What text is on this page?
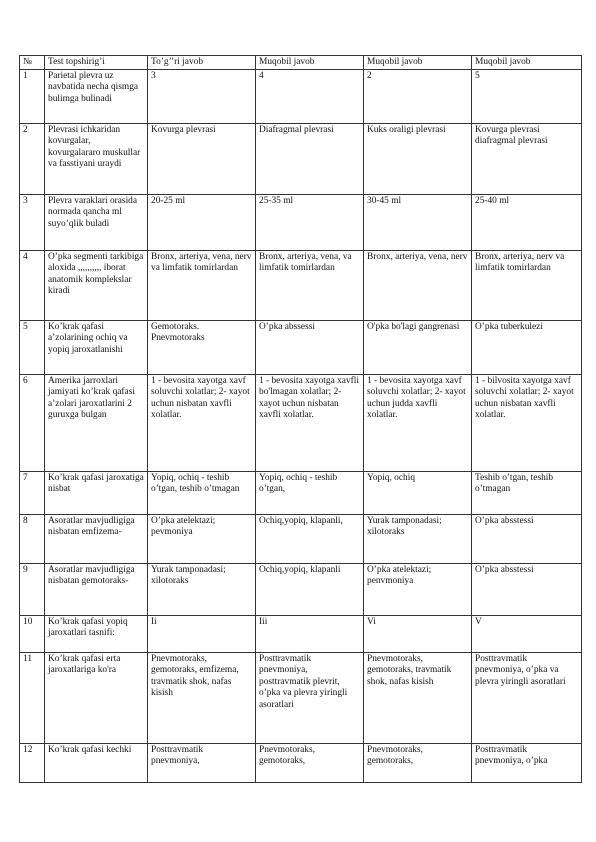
№	Test topshirig’i	To’g’’ri javob	Muqobil javob	Muqobil javob	Muqobil javob
1	Parietal plevra uz navbatida necha qismga bulimga bulinadi	3	4	2	5
2	Plevrasi ichkaridan kovurgalar, kovurgalararo muskullar va fasstiyani uraydi	Kovurga plevrasi	Diafragmal plevrasi	Kuks oraligi plevrasi	Kovurga plevrasi diafragmal plevrasi
3	Plevra varaklari orasida normada qancha ml suyo’qlik buladi	20-25 ml	25-35 ml	30-45 ml	25-40 ml
4	O’pka segmenti tarkibiga aloxida ,,,,,,,,,, iborat anatomik komplekslar kiradi	Bronx, arteriya, vena, nerv va limfatik tomirlardan	Bronx, arteriya, vena, va limfatik tomirlardan	Bronx, arteriya, vena, nerv	Bronx, arteriya, nerv va limfatik tomirlardan
5	Ko’krak qafasi a’zolarining ochiq va yopiq jaroxatlanishi	Gemotoraks. Pnevmotoraks	O’pka abssessi	O'pka bo'lagi gangrenasi	O’pka tuberkulezi
6	Amerika jarroxlari jamiyati ko’krak qafasi a’zolari jaroxatlarini 2 guruxga bulgan	1 - bevosita xayotga xavf soluvchi xolatlar; 2- xayot uchun nisbatan xavfli xolatlar.	1 - bevosita xayotga xavfli bo'lmagan xolatlar; 2- xayot uchun nisbatan xavfli xolatlar.	1 - bevosita xayotga xavf soluvchi xolatlar; 2- xayot uchun judda xavfli xolatlar.	1 - bilvosita xayotga xavf soluvchi xolatlar; 2- xayot uchun nisbatan xavfli xolatlar.
7	Ko’krak qafasi jaroxatiga nisbat	Yopiq, ochiq - teshib o’tgan, teshib o’tmagan	Yopiq, ochiq - teshib o’tgan,	Yopiq, ochiq	Teshib o’tgan, teshib o’tmagan
8	Asoratlar mavjudligiga nisbatan emfizema-	O’pka atelektazi; pevmoniya	Ochiq,yopiq, klapanli,	Yurak tamponadasi; xilotoraks	O’pka absstessi
9	Asoratlar mavjudligiga nisbatan gemotoraks-	Yurak tamponadasi; xilotoraks	Ochiq,yopiq, klapanli	O’pka atelektazi; penvmoniya	O’pka absstessi
10	Ko’krak qafasi yopiq jaroxatlari tasnifi:	Ii	Iii	Vi	V
11	Ko’krak qafasi erta jaroxatlariga ko'ra	Pnevmotoraks, gemotoraks, emfizema, travmatik shok, nafas kisish	Posttravmatik pnevmoniya, posttravmatik plevrit, o’pka va plevra yiringli asoratlari	Pnevmotoraks, gemotoraks, travmatik shok, nafas kisish	Posttravmatik pnevmoniya, o’pka va plevra yiringli asoratlari
12	Ko’krak qafasi kechki	Posttravmatik pnevmoniya,	Pnevmotoraks, gemotoraks,	Pnevmotoraks, gemotoraks,	Posttravmatik pnevmoniya, o’pka
